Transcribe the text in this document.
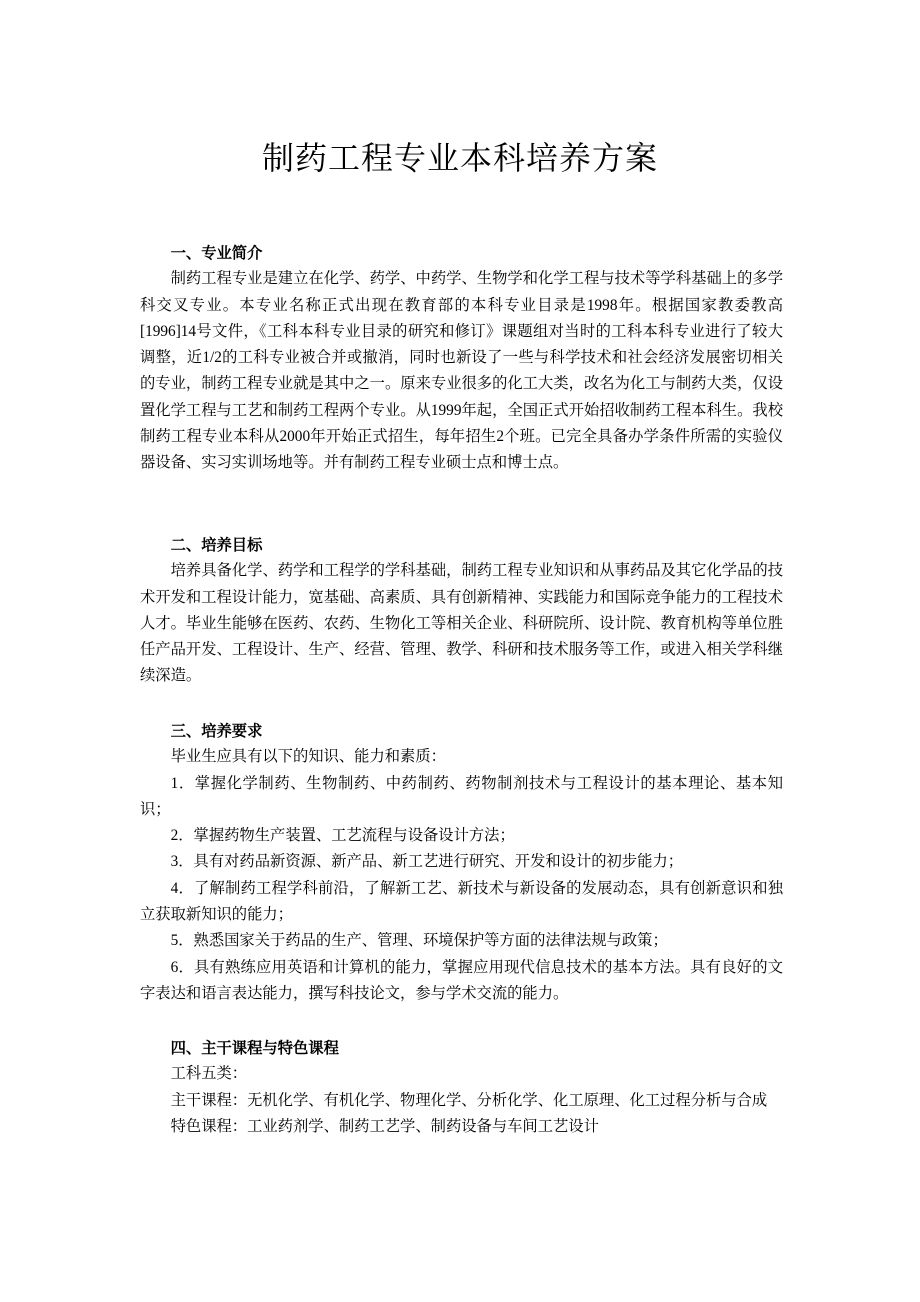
制药工程专业本科培养方案
一、专业简介

制药工程专业是建立在化学、药学、中药学、生物学和化学工程与技术等学科基础上的多学科交叉专业。本专业名称正式出现在教育部的本科专业目录是1998年。根据国家教委教高[1996]14号文件，《工科本科专业目录的研究和修订》课题组对当时的工科本科专业进行了较大调整，近1/2的工科专业被合并或撤消，同时也新设了一些与科学技术和社会经济发展密切相关的专业，制药工程专业就是其中之一。原来专业很多的化工大类，改名为化工与制药大类，仅设置化学工程与工艺和制药工程两个专业。从1999年起，全国正式开始招收制药工程本科生。我校制药工程专业本科从2000年开始正式招生，每年招生2个班。已完全具备办学条件所需的实验仪器设备、实习实训场地等。并有制药工程专业硕士点和博士点。

二、培养目标

培养具备化学、药学和工程学的学科基础，制药工程专业知识和从事药品及其它化学品的技术开发和工程设计能力，宽基础、高素质、具有创新精神、实践能力和国际竞争能力的工程技术人才。毕业生能够在医药、农药、生物化工等相关企业、科研院所、设计院、教育机构等单位胜任产品开发、工程设计、生产、经营、管理、教学、科研和技术服务等工作，或进入相关学科继续深造。

三、培养要求

毕业生应具有以下的知识、能力和素质：

1．掌握化学制药、生物制药、中药制药、药物制剂技术与工程设计的基本理论、基本知识；

2．掌握药物生产装置、工艺流程与设备设计方法；

3．具有对药品新资源、新产品、新工艺进行研究、开发和设计的初步能力；

4．了解制药工程学科前沿，了解新工艺、新技术与新设备的发展动态，具有创新意识和独立获取新知识的能力；

5．熟悉国家关于药品的生产、管理、环境保护等方面的法律法规与政策；

6．具有熟练应用英语和计算机的能力，掌握应用现代信息技术的基本方法。具有良好的文字表达和语言表达能力，撰写科技论文，参与学术交流的能力。

四、主干课程与特色课程

工科五类：

主干课程：无机化学、有机化学、物理化学、分析化学、化工原理、化工过程分析与合成

特色课程：工业药剂学、制药工艺学、制药设备与车间工艺设计
